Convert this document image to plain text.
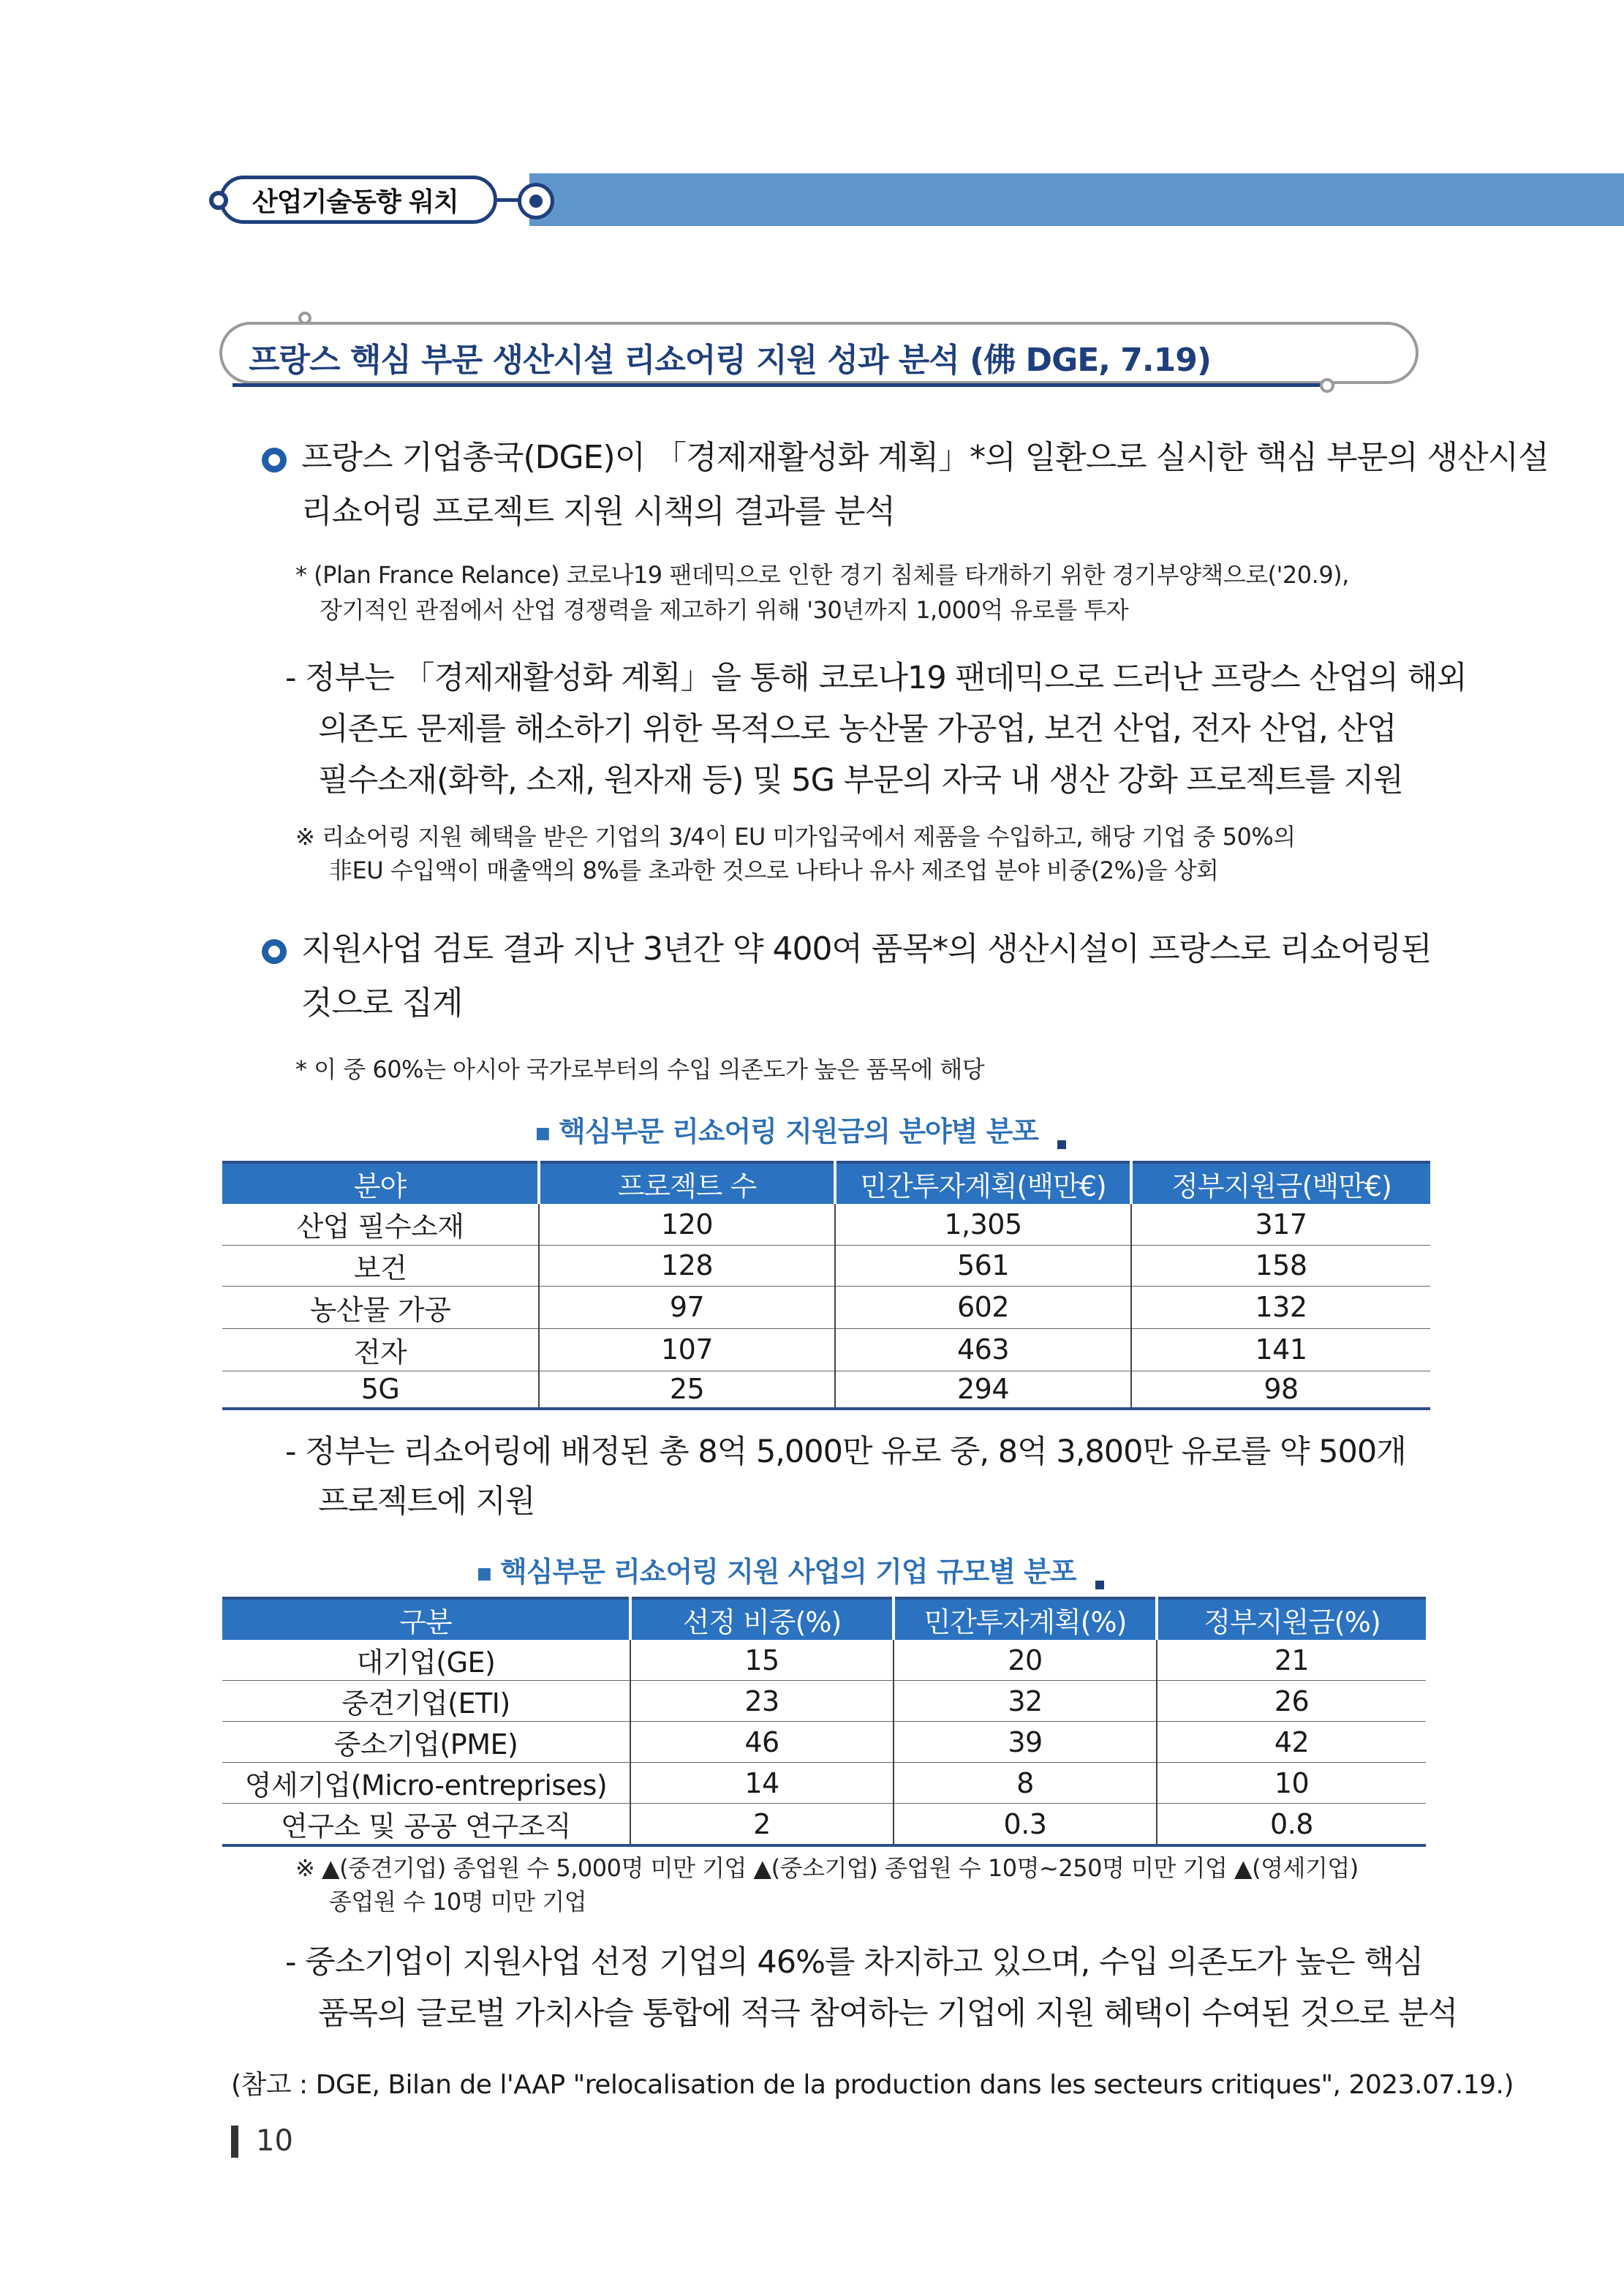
산업기술동향 워치
프랑스 핵심 부문 생산시설 리쇼어링 지원 성과 분석 (佛 DGE, 7.19)
프랑스 기업총국(DGE)이 「경제재활성화 계획」*의 일환으로 실시한 핵심 부문의 생산시설
리쇼어링 프로젝트 지원 시책의 결과를 분석
* (Plan France Relance) 코로나19 팬데믹으로 인한 경기 침체를 타개하기 위한 경기부양책으로('20.9),
장기적인 관점에서 산업 경쟁력을 제고하기 위해 '30년까지 1,000억 유로를 투자
- 정부는 「경제재활성화 계획」을 통해 코로나19 팬데믹으로 드러난 프랑스 산업의 해외
의존도 문제를 해소하기 위한 목적으로 농산물 가공업, 보건 산업, 전자 산업, 산업
필수소재(화학, 소재, 원자재 등) 및 5G 부문의 자국 내 생산 강화 프로젝트를 지원
※ 리쇼어링 지원 혜택을 받은 기업의 3/4이 EU 미가입국에서 제품을 수입하고, 해당 기업 중 50%의
非EU 수입액이 매출액의 8%를 초과한 것으로 나타나 유사 제조업 분야 비중(2%)을 상회
지원사업 검토 결과 지난 3년간 약 400여 품목*의 생산시설이 프랑스로 리쇼어링된
것으로 집계
* 이 중 60%는 아시아 국가로부터의 수입 의존도가 높은 품목에 해당
■ 핵심부문 리쇼어링 지원금의 분야별 분포
분야	프로젝트 수	민간투자계획(백만€)	정부지원금(백만€)
산업 필수소재	120	1,305	317
보건	128	561	158
농산물 가공	97	602	132
전자	107	463	141
5G	25	294	98
- 정부는 리쇼어링에 배정된 총 8억 5,000만 유로 중, 8억 3,800만 유로를 약 500개
프로젝트에 지원
■ 핵심부문 리쇼어링 지원 사업의 기업 규모별 분포
구분	선정 비중(%)	민간투자계획(%)	정부지원금(%)
대기업(GE)	15	20	21
중견기업(ETI)	23	32	26
중소기업(PME)	46	39	42
영세기업(Micro-entreprises)	14	8	10
연구소 및 공공 연구조직	2	0.3	0.8
※ ▲(중견기업) 종업원 수 5,000명 미만 기업 ▲(중소기업) 종업원 수 10명~250명 미만 기업 ▲(영세기업)
종업원 수 10명 미만 기업
- 중소기업이 지원사업 선정 기업의 46%를 차지하고 있으며, 수입 의존도가 높은 핵심
품목의 글로벌 가치사슬 통합에 적극 참여하는 기업에 지원 혜택이 수여된 것으로 분석
(참고 : DGE, Bilan de l'AAP "relocalisation de la production dans les secteurs critiques", 2023.07.19.)
10
